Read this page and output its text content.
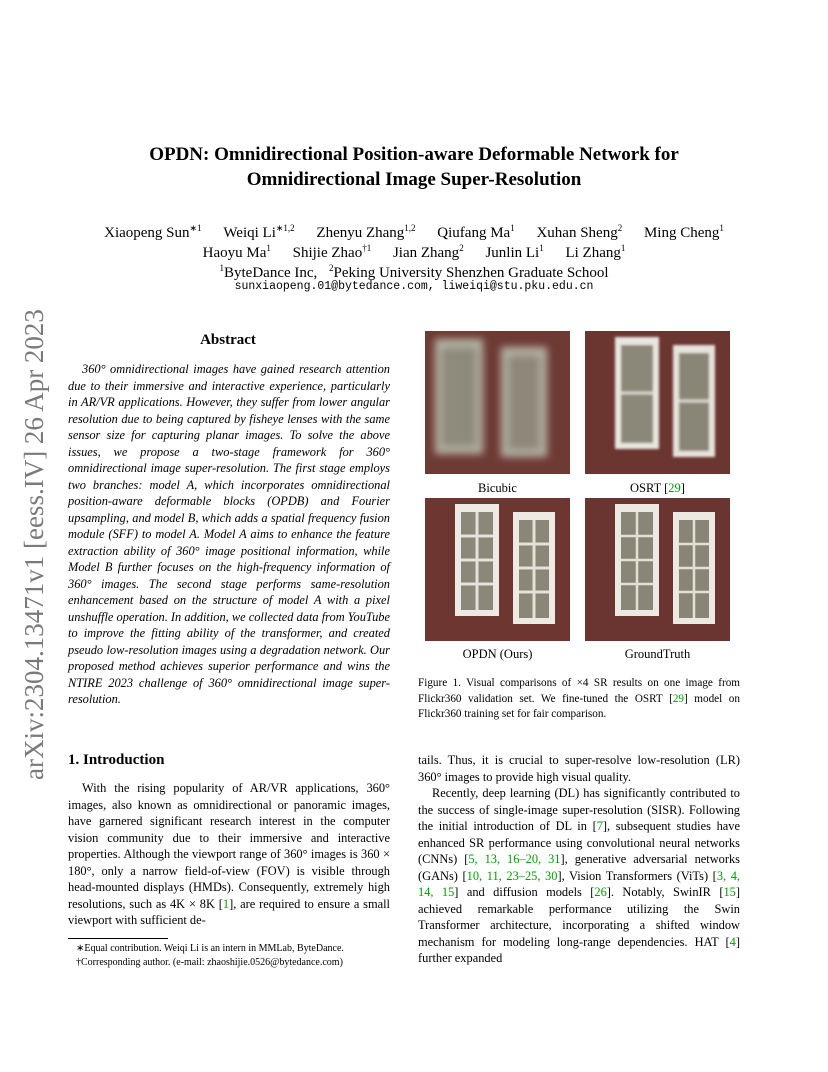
arXiv:2304.13471v1 [eess.IV] 26 Apr 2023
OPDN: Omnidirectional Position-aware Deformable Network for
Omnidirectional Image Super-Resolution
Xiaopeng Sun$^{∗1}$ Weiqi $Li^{∗1,2}$ Zhenyu Zhang$^{1,2}$ Qiufang Ma$^1$ Xuhan Sheng$^2$ Ming Cheng$^1$
Haoyu Ma$^1$ Shijie Zhao$^{\dagger 1}$ Jian Zhang$^2$ Junlin Li$^1$ Li Zhang$^1$
$^1$ByteDance Inc, $^2$Peking University Shenzhen Graduate School
sunxiaopeng.01@bytedance.com, liweiqi@stu.pku.edu.cn
Abstract
360° omnidirectional images have gained research attention due to their immersive and interactive experience, particularly in AR/VR applications. However, they suffer from lower angular resolution due to being captured by fisheye lenses with the same sensor size for capturing planar images. To solve the above issues, we propose a two-stage framework for 360° omnidirectional image super-resolution. The first stage employs two branches: model A, which incorporates omnidirectional position-aware deformable blocks (OPDB) and Fourier upsampling, and model B, which adds a spatial frequency fusion module (SFF) to model A. Model A aims to enhance the feature extraction ability of 360° image positional information, while Model B further focuses on the high-frequency information of 360° images. The second stage performs same-resolution enhancement based on the structure of model A with a pixel unshuffle operation. In addition, we collected data from YouTube to improve the fitting ability of the transformer, and created pseudo low-resolution images using a degradation network. Our proposed method achieves superior performance and wins the NTIRE 2023 challenge of 360° omnidirectional image super-resolution.
Bicubic	OSRT [29]
OPDN (Ours)	GroundTruth
Figure 1. Visual comparisons of ×4 SR results on one image from Flickr360 validation set. We fine-tuned the OSRT [29] model on Flickr360 training set for fair comparison.
1. Introduction
With the rising popularity of AR/VR applications, 360° images, also known as omnidirectional or panoramic images, have garnered significant research interest in the computer vision community due to their immersive and interactive properties. Although the viewport range of 360° images is 360 × 180°, only a narrow field-of-view (FOV) is visible through head-mounted displays (HMDs). Consequently, extremely high resolutions, such as 4K × 8K [1], are required to ensure a small viewport with sufficient de-

tails. Thus, it is crucial to super-resolve low-resolution (LR) 360° images to provide high visual quality.

Recently, deep learning (DL) has significantly contributed to the success of single-image super-resolution (SISR). Following the initial introduction of DL in [7], subsequent studies have enhanced SR performance using convolutional neural networks (CNNs) [5, 13, 16–20, 31], generative adversarial networks (GANs) [10, 11, 23–25, 30], Vision Transformers (ViTs) [3, 4, 14, 15] and diffusion models [26]. Notably, SwinIR [15] achieved remarkable performance utilizing the Swin Transformer architecture, incorporating a shifted window mechanism for modeling long-range dependencies. HAT [4] further expanded

∗Equal contribution. Weiqi Li is an intern in MMLab, ByteDance.

†Corresponding author. (e-mail: zhaoshijie.0526@bytedance.com)
